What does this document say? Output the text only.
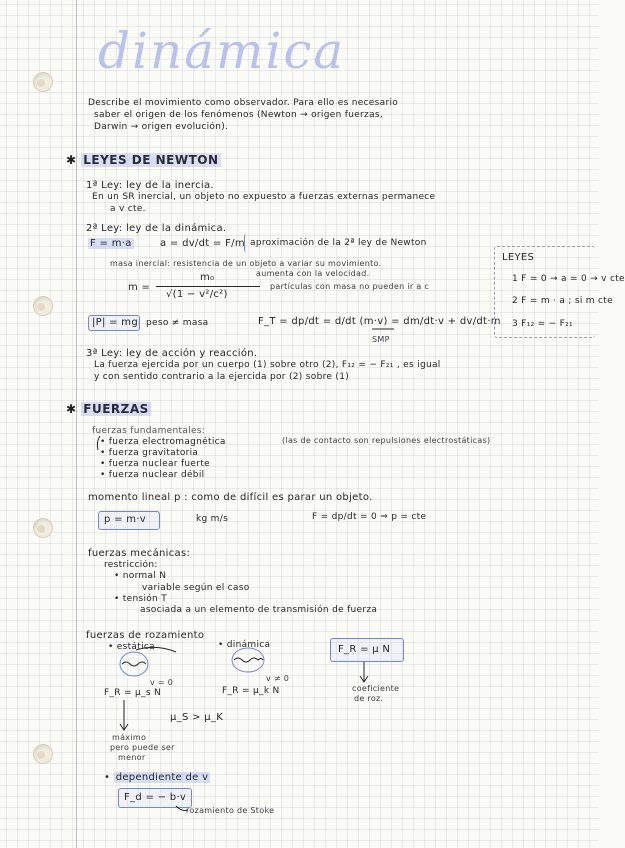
dinámica
Describe el movimiento como observador. Para ello es necesario
saber el origen de los fenómenos (Newton → origen fuerzas,
Darwin → origen evolución).
✱ LEYES DE NEWTON
1ª Ley: ley de la inercia.
En un SR inercial, un objeto no expuesto a fuerzas externas permanece
a v cte.
2ª Ley: ley de la dinámica.
F = m·a	a = dv/dt = F/m aproximación de la 2ª ley de Newton
masa inercial: resistencia de un objeto a variar su movimiento.
m =
m₀
√(1 − v²/c²)
aumenta con la velocidad.
partículas con masa no pueden ir a c
|P| = mg peso ≠ masa	F_T = dp/dt = d/dt (m·v) = dm/dt·v + dv/dt·m
SMP
LEYES
1 F = 0 → a = 0 → v cte
2 F = m · a ; si m cte
3 F₁₂ = − F₂₁
3ª Ley: ley de acción y reacción.
La fuerza ejercida por un cuerpo (1) sobre otro (2), F₁₂ = − F₂₁ , es igual
y con sentido contrario a la ejercida por (2) sobre (1)
✱ FUERZAS
fuerzas fundamentales:
• fuerza electromagnética
• fuerza gravitatoria
• fuerza nuclear fuerte
• fuerza nuclear débil
(las de contacto son repulsiones electrostáticas)
momento lineal p : como de difícil es parar un objeto.
p = m·v	kg m/s	F = dp/dt = 0 ⇒ p = cte
fuerzas mecánicas:
restricción:
• normal N
variable según el caso
• tensión T
asociada a un elemento de transmisión de fuerza
fuerzas de rozamiento
• estática
v = 0
F_R = μ_s N
• dinámica
v ≠ 0
F_R = μ_k N
F_R = μ N
coeficiente
de roz.
μ_S > μ_K
máximo
pero puede ser
menor
• dependiente de v
F_d = − b·v
rozamiento de Stoke
